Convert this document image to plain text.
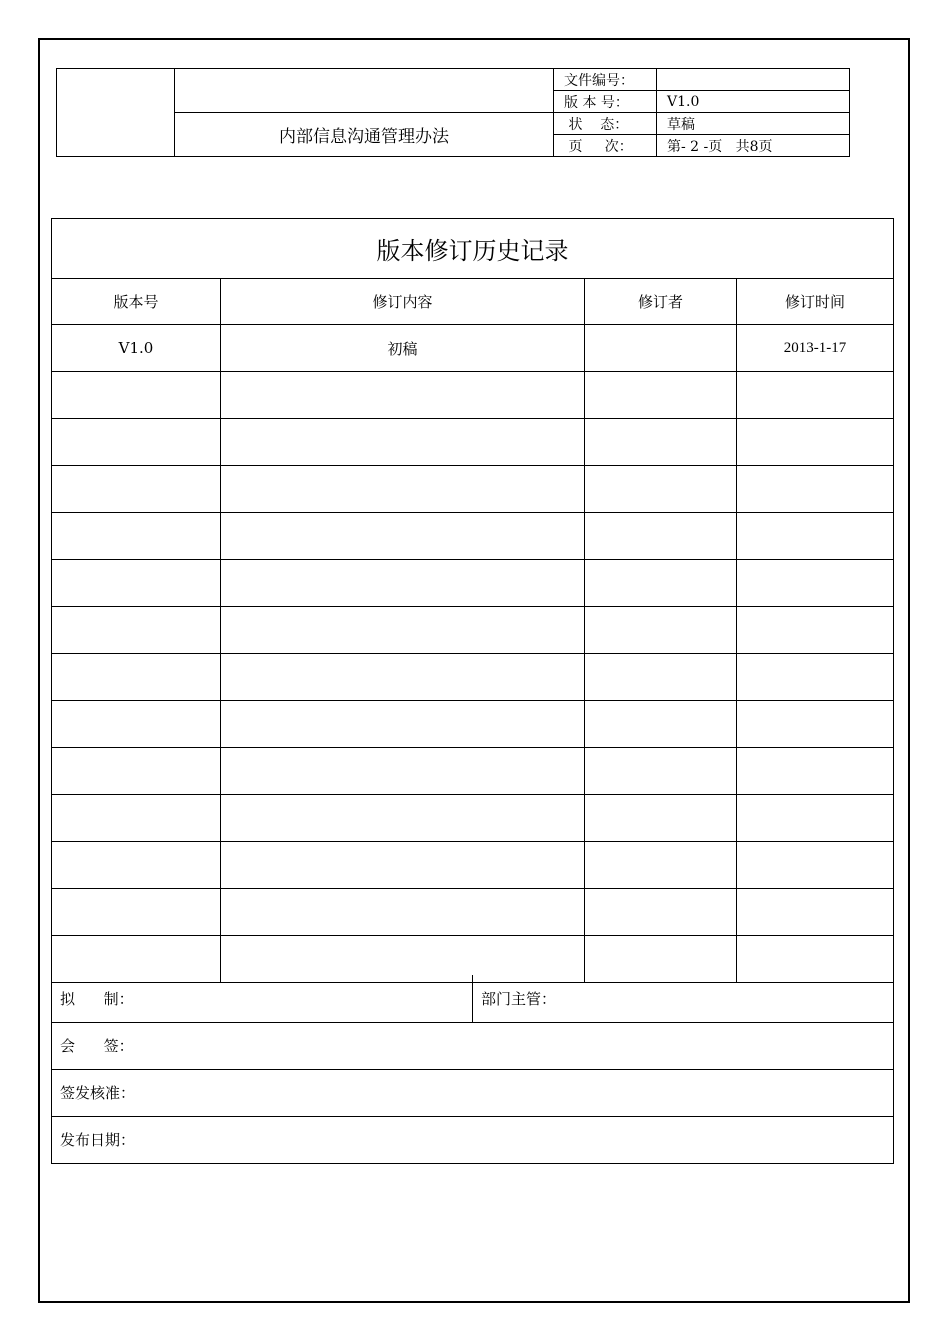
		文件编号：	
		版 本 号：	V1.0
	内部信息沟通管理办法	状    态：	草稿
		页     次：	第- 2 -页   共8页
版本修订历史记录			
版本号	修订内容	修订者	修订时间
V1.0	初稿		2013-1-17

拟      制：	部门主管：
会      签：
签发核准：
发布日期：
